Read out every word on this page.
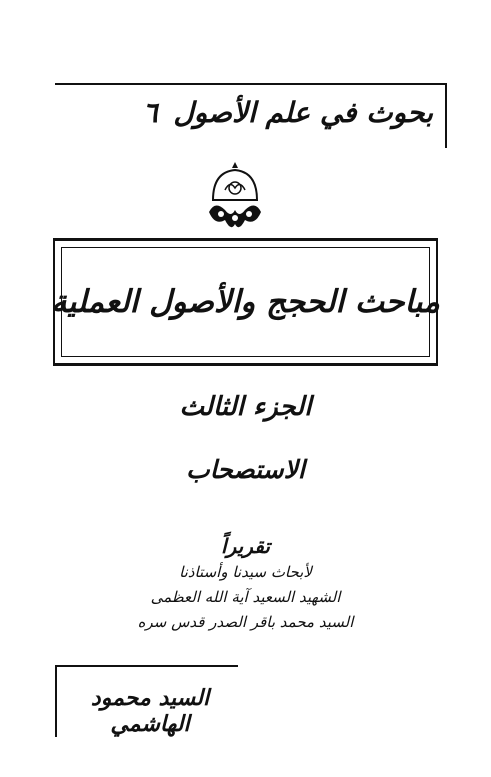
بحوث في علم الأصول ٦
مباحث الحجج والأصول العملية
الجزء الثالث
الاستصحاب
تقريراً
لأبحاث سيدنا وأستاذنا
الشهيد السعيد آية الله العظمى
السيد محمد باقر الصدر قدس سره
السيد محمود الهاشمي
